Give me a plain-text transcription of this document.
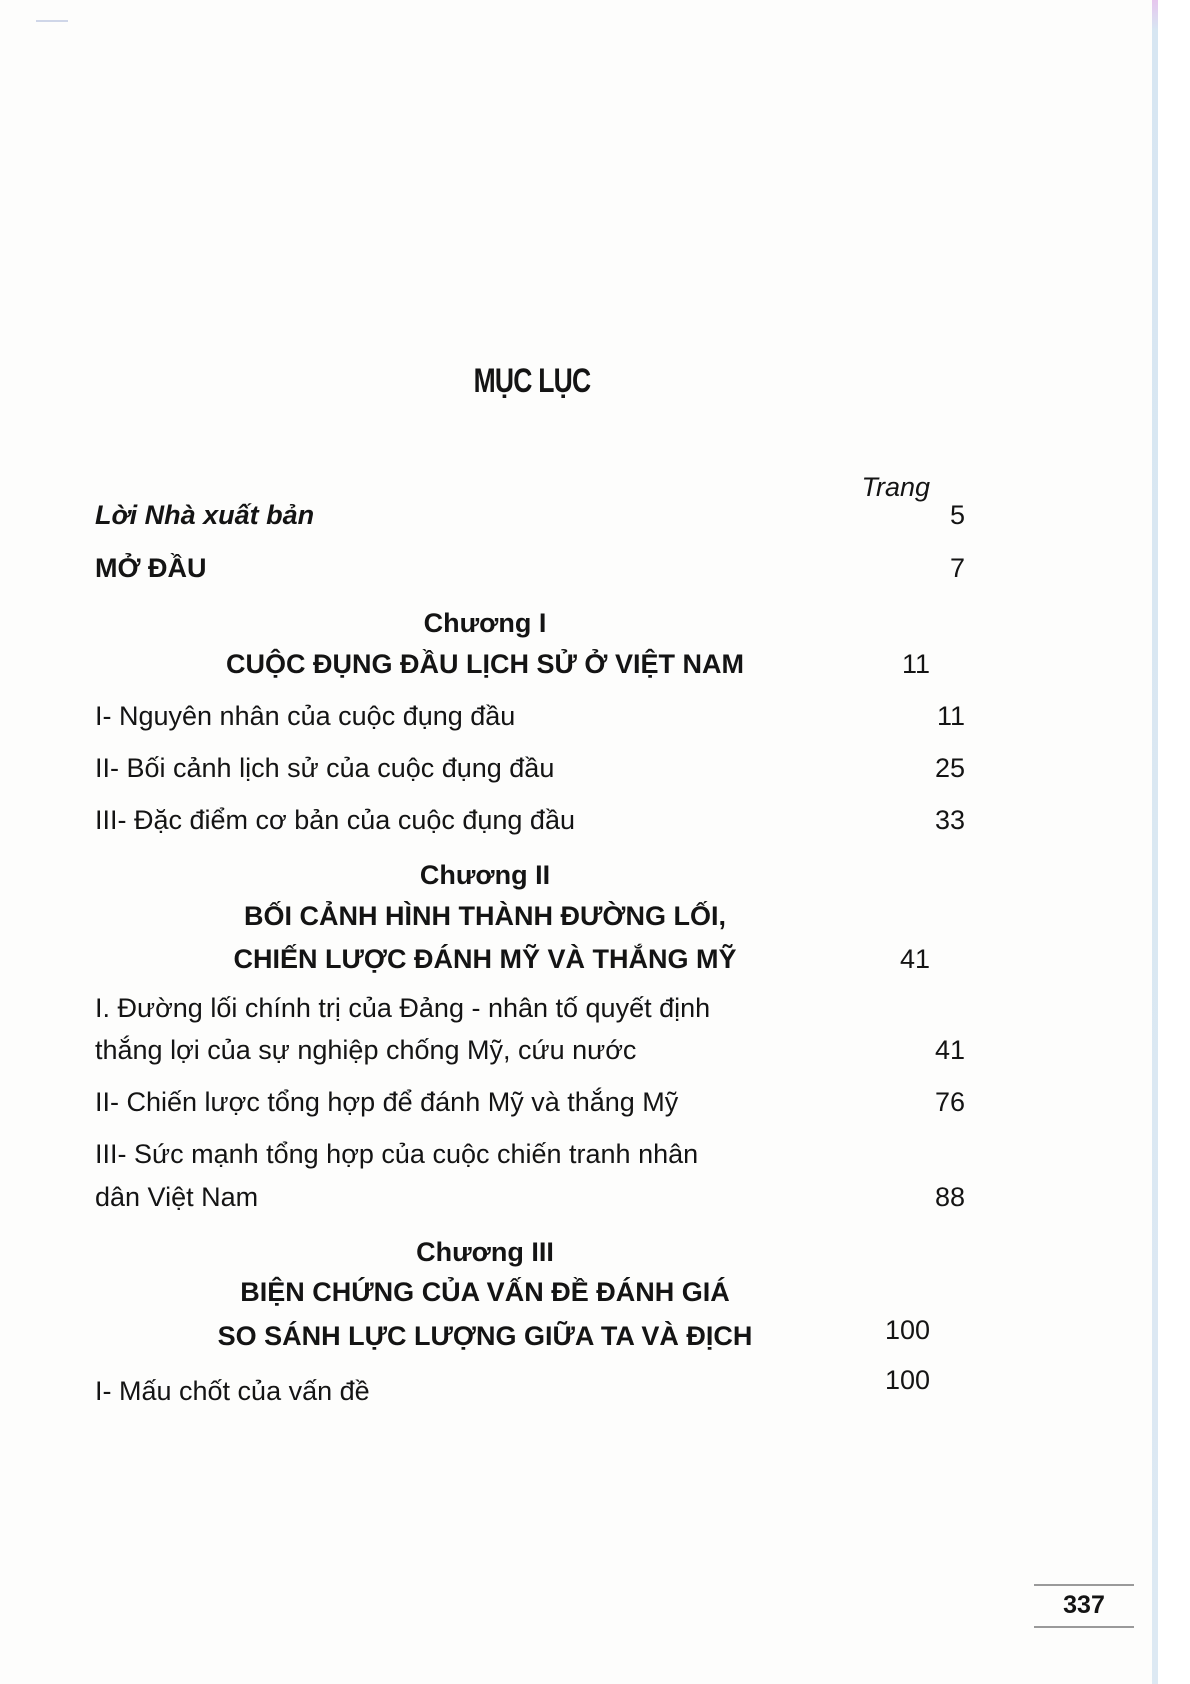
MỤC LỤC
Trang
Lời Nhà xuất bản	5
MỞ ĐẦU	7
Chương I
CUỘC ĐỤNG ĐẦU LỊCH SỬ Ở VIỆT NAM	11
I- Nguyên nhân của cuộc đụng đầu	11
II- Bối cảnh lịch sử của cuộc đụng đầu	25
III- Đặc điểm cơ bản của cuộc đụng đầu	33
Chương II
BỐI CẢNH HÌNH THÀNH ĐƯỜNG LỐI,
CHIẾN LƯỢC ĐÁNH MỸ VÀ THẮNG MỸ	41
I. Đường lối chính trị của Đảng - nhân tố quyết định
thắng lợi của sự nghiệp chống Mỹ, cứu nước	41
II- Chiến lược tổng hợp để đánh Mỹ và thắng Mỹ	76
III- Sức mạnh tổng hợp của cuộc chiến tranh nhân
dân Việt Nam	88
Chương III
BIỆN CHỨNG CỦA VẤN ĐỀ ĐÁNH GIÁ
SO SÁNH LỰC LƯỢNG GIỮA TA VÀ ĐỊCH	100
I- Mấu chốt của vấn đề	100
337
